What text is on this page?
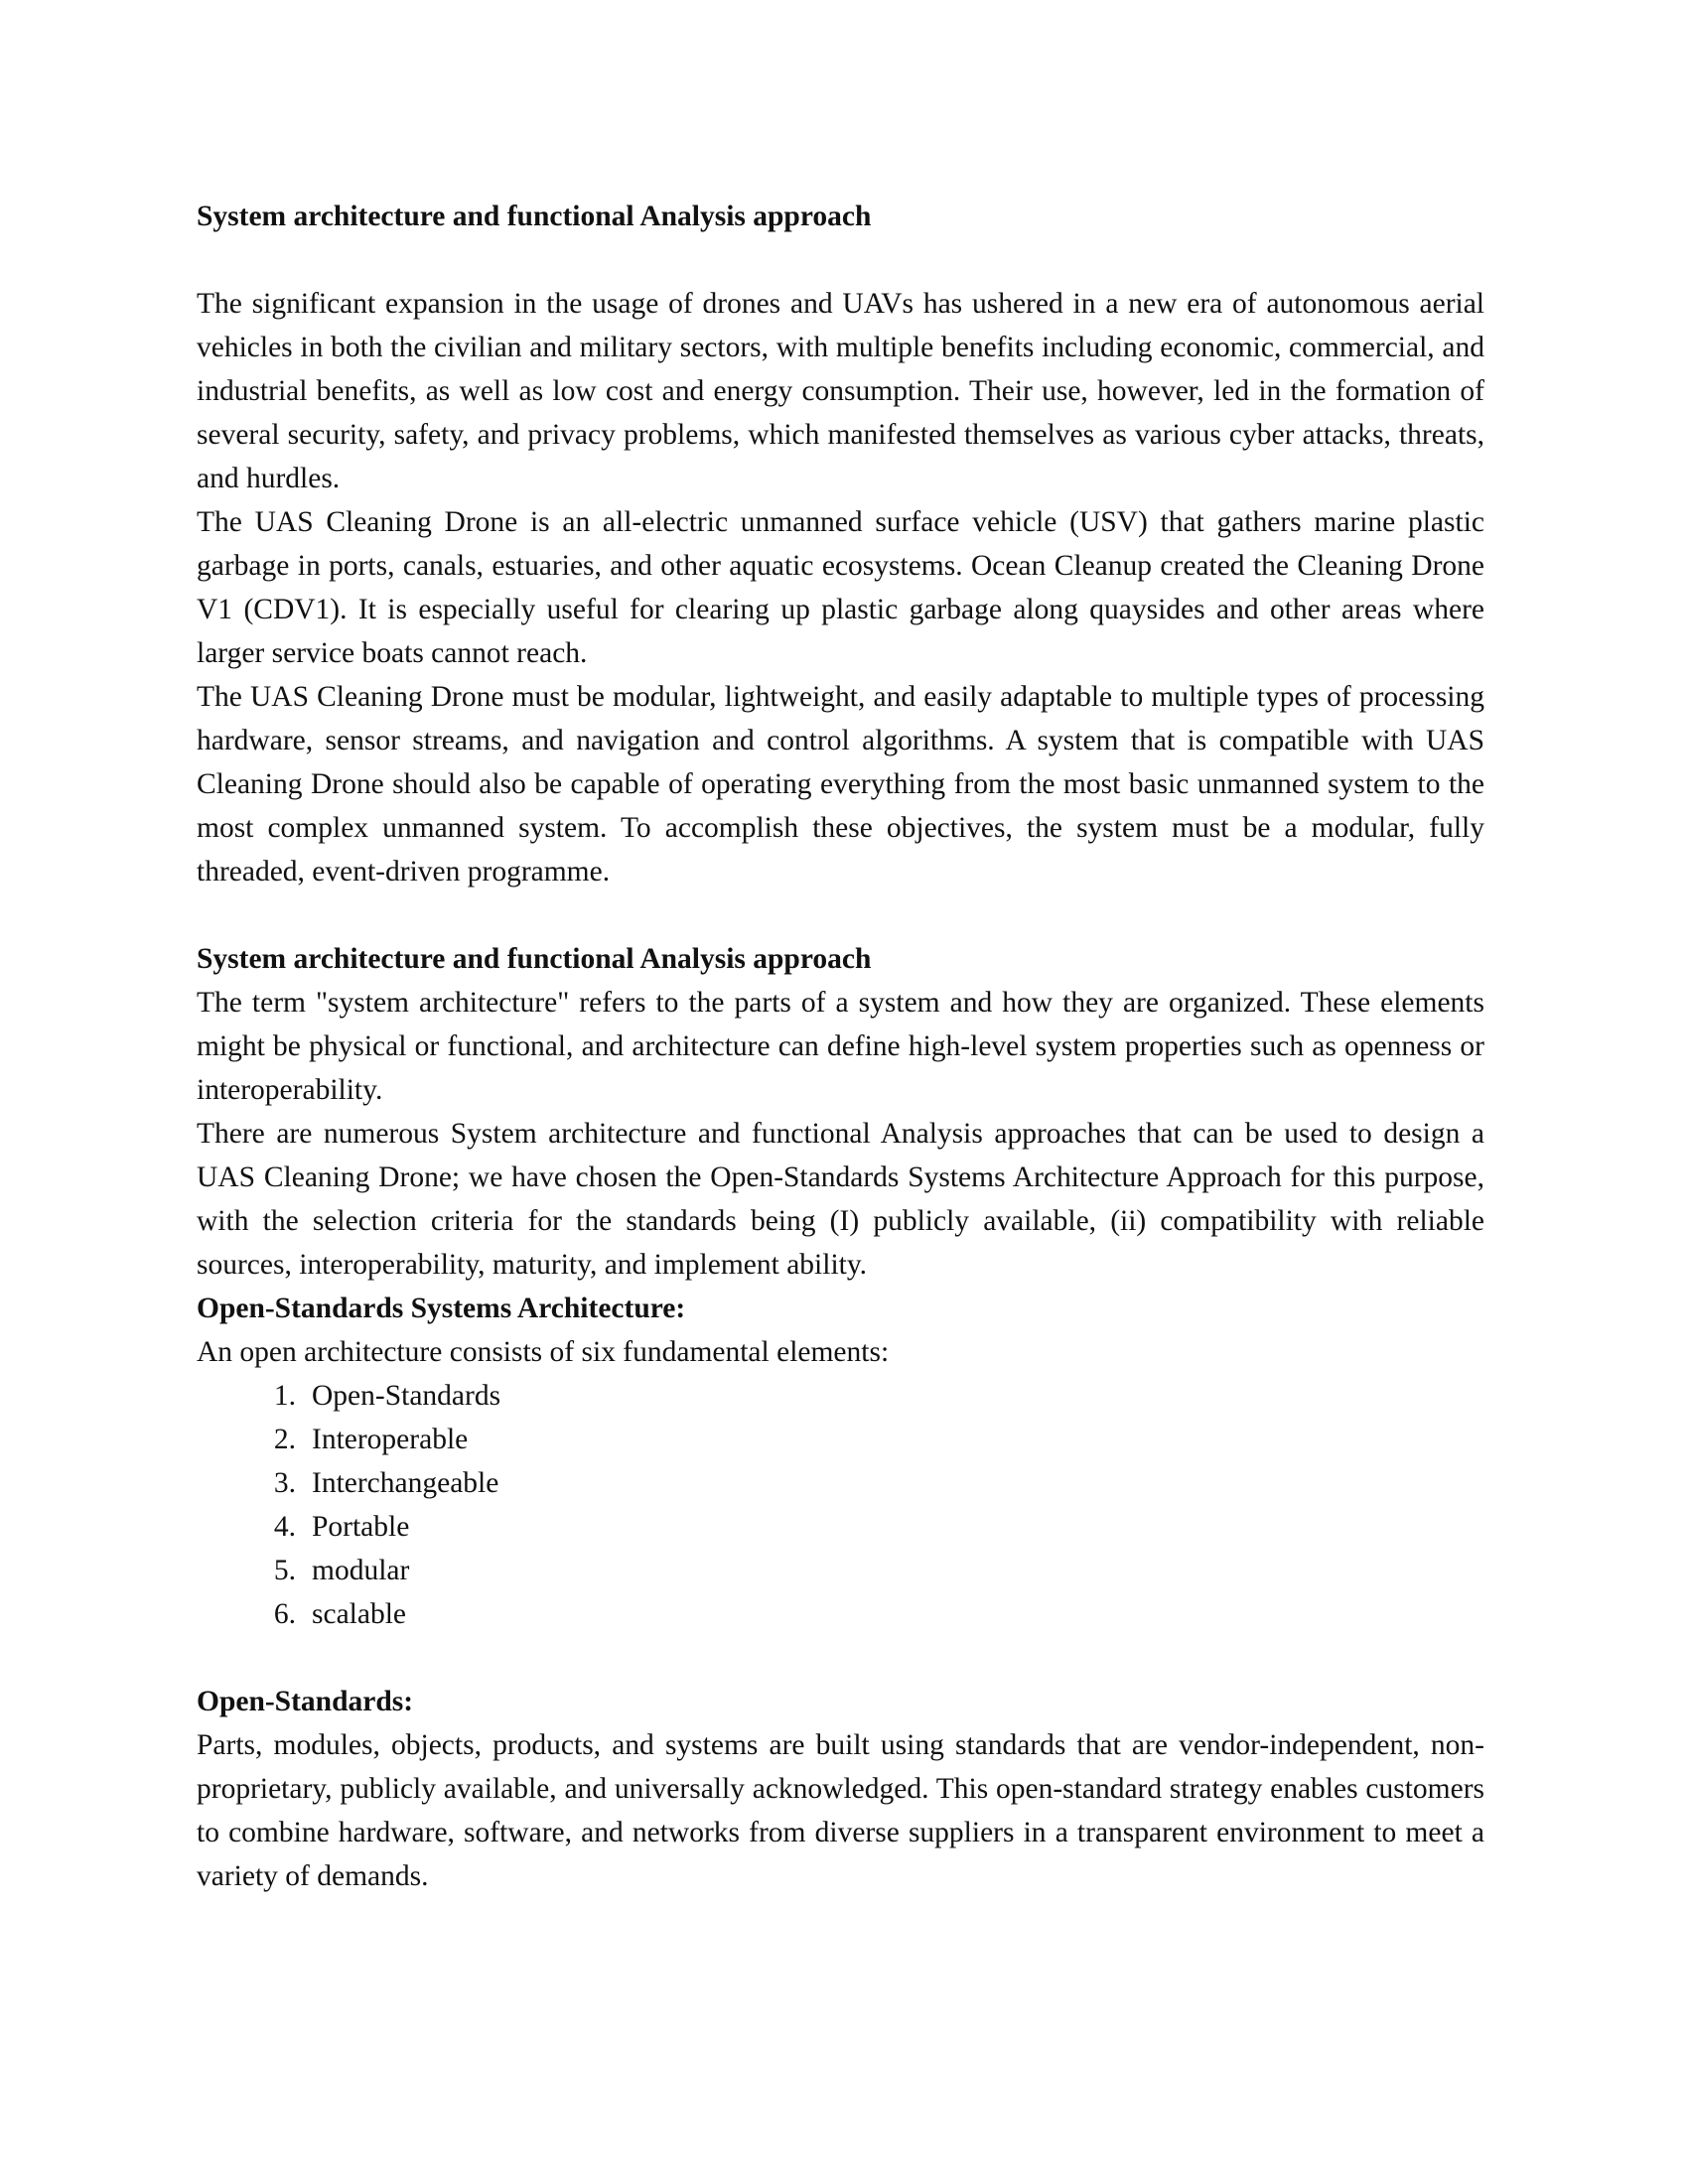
System architecture and functional Analysis approach

The significant expansion in the usage of drones and UAVs has ushered in a new era of autonomous aerial vehicles in both the civilian and military sectors, with multiple benefits including economic, commercial, and industrial benefits, as well as low cost and energy consumption. Their use, however, led in the formation of several security, safety, and privacy problems, which manifested themselves as various cyber attacks, threats, and hurdles.

The UAS Cleaning Drone is an all-electric unmanned surface vehicle (USV) that gathers marine plastic garbage in ports, canals, estuaries, and other aquatic ecosystems. Ocean Cleanup created the Cleaning Drone V1 (CDV1). It is especially useful for clearing up plastic garbage along quaysides and other areas where larger service boats cannot reach.

The UAS Cleaning Drone must be modular, lightweight, and easily adaptable to multiple types of processing hardware, sensor streams, and navigation and control algorithms. A system that is compatible with UAS Cleaning Drone should also be capable of operating everything from the most basic unmanned system to the most complex unmanned system. To accomplish these objectives, the system must be a modular, fully threaded, event-driven programme.

System architecture and functional Analysis approach

The term "system architecture" refers to the parts of a system and how they are organized. These elements might be physical or functional, and architecture can define high-level system properties such as openness or interoperability.

There are numerous System architecture and functional Analysis approaches that can be used to design a UAS Cleaning Drone; we have chosen the Open-Standards Systems Architecture Approach for this purpose, with the selection criteria for the standards being (I) publicly available, (ii) compatibility with reliable sources, interoperability, maturity, and implement ability.

Open-Standards Systems Architecture:

An open architecture consists of six fundamental elements:

1. Open-Standards
2. Interoperable
3. Interchangeable
4. Portable
5. modular
6. scalable

Open-Standards:

Parts, modules, objects, products, and systems are built using standards that are vendor-independent, non-proprietary, publicly available, and universally acknowledged. This open-standard strategy enables customers to combine hardware, software, and networks from diverse suppliers in a transparent environment to meet a variety of demands.
